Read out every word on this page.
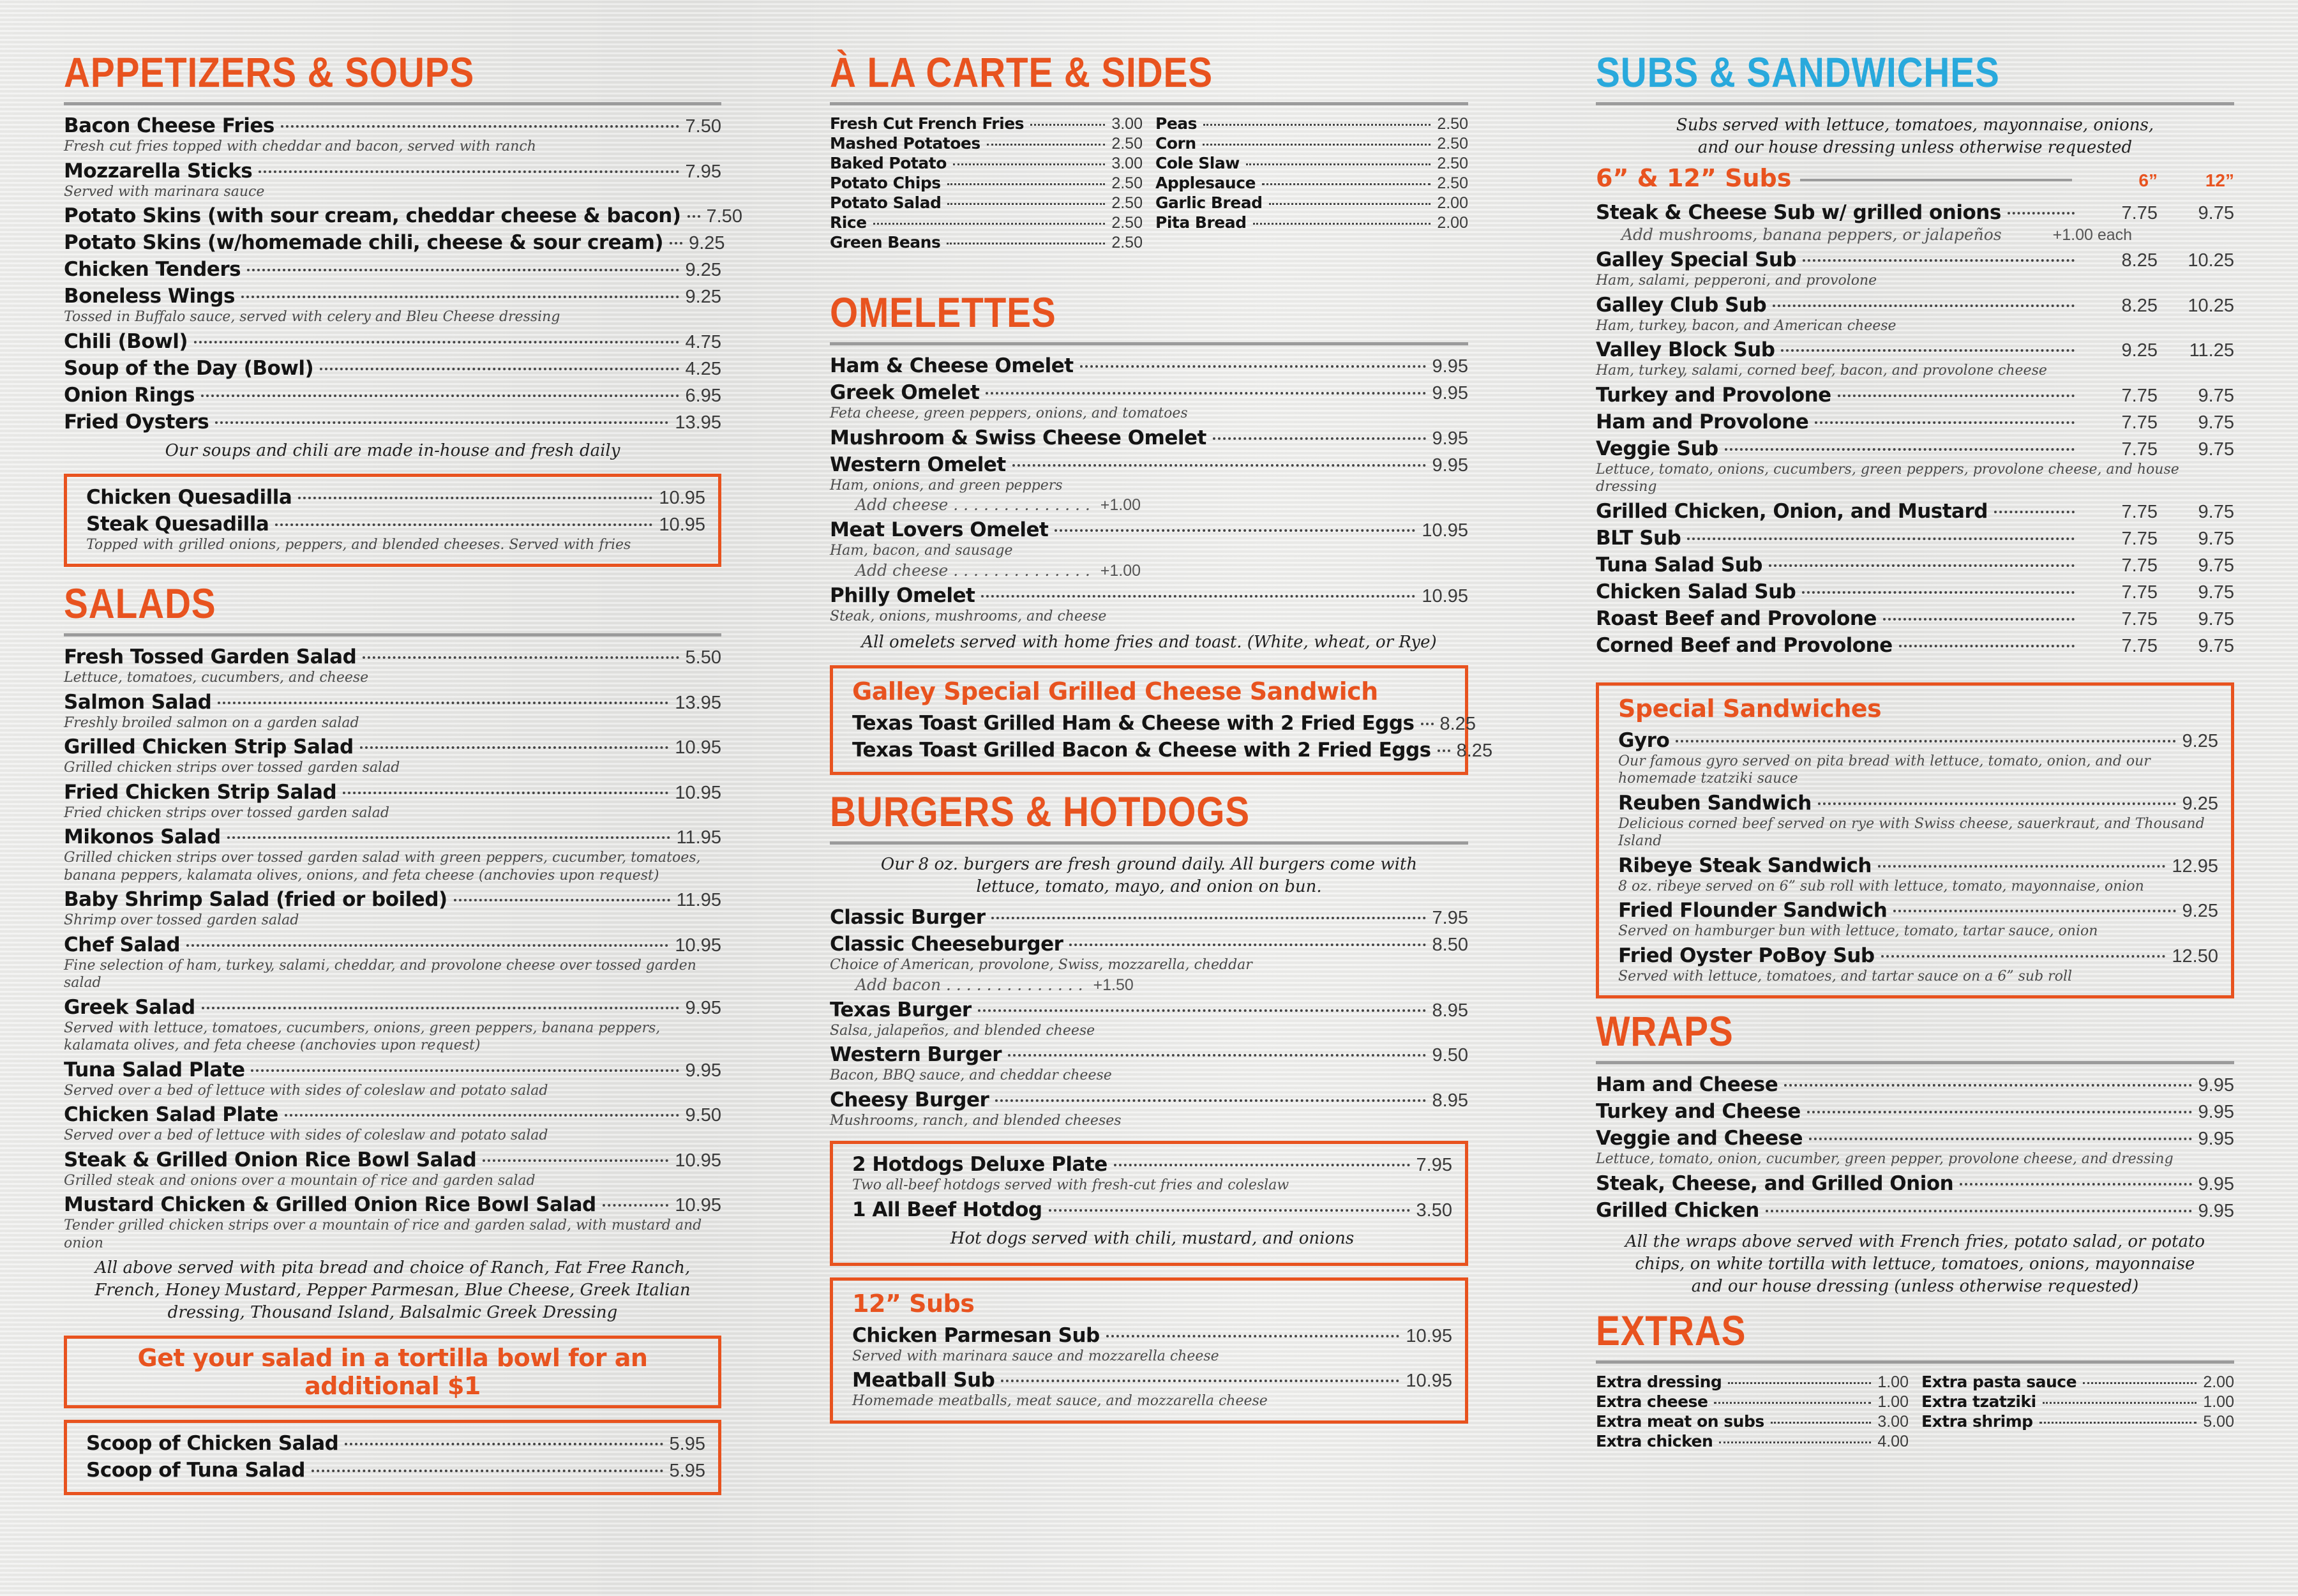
APPETIZERS & SOUPS
Bacon Cheese Fries	7.50
Fresh cut fries topped with cheddar and bacon, served with ranch
Mozzarella Sticks	7.95
Served with marinara sauce
Potato Skins (with sour cream, cheddar cheese & bacon) 7.50
Potato Skins (w/homemade chili, cheese & sour cream) 9.25
Chicken Tenders	9.25
Boneless Wings	9.25
Tossed in Buffalo sauce, served with celery and Bleu Cheese dressing
Chili (Bowl)	4.75
Soup of the Day (Bowl)	4.25
Onion Rings	6.95
Fried Oysters	13.95

Our soups and chili are made in-house and fresh daily

Chicken Quesadilla	10.95
Steak Quesadilla	10.95
Topped with grilled onions, peppers, and blended cheeses. Served with fries
SALADS
Fresh Tossed Garden Salad	5.50
Lettuce, tomatoes, cucumbers, and cheese
Salmon Salad	13.95
Freshly broiled salmon on a garden salad
Grilled Chicken Strip Salad	10.95
Grilled chicken strips over tossed garden salad
Fried Chicken Strip Salad	10.95
Fried chicken strips over tossed garden salad
Mikonos Salad	11.95
Grilled chicken strips over tossed garden salad with green peppers, cucumber, tomatoes, banana peppers, kalamata olives, onions, and feta cheese (anchovies upon request)
Baby Shrimp Salad (fried or boiled)	11.95
Shrimp over tossed garden salad
Chef Salad	10.95
Fine selection of ham, turkey, salami, cheddar, and provolone cheese over tossed garden salad
Greek Salad	9.95
Served with lettuce, tomatoes, cucumbers, onions, green peppers, banana peppers, kalamata olives, and feta cheese (anchovies upon request)
Tuna Salad Plate	9.95
Served over a bed of lettuce with sides of coleslaw and potato salad
Chicken Salad Plate	9.50
Served over a bed of lettuce with sides of coleslaw and potato salad
Steak & Grilled Onion Rice Bowl Salad	10.95
Grilled steak and onions over a mountain of rice and garden salad
Mustard Chicken & Grilled Onion Rice Bowl Salad	10.95
Tender grilled chicken strips over a mountain of rice and garden salad, with mustard and onion

All above served with pita bread and choice of Ranch, Fat Free Ranch, French, Honey Mustard, Pepper Parmesan, Blue Cheese, Greek Italian dressing, Thousand Island, Balsalmic Greek Dressing

Get your salad in a tortilla bowl for an additional $1
Scoop of Chicken Salad	5.95
Scoop of Tuna Salad	5.95
À LA CARTE & SIDES
Fresh Cut French Fries	3.00
Mashed Potatoes	2.50
Baked Potato	3.00
Potato Chips	2.50
Potato Salad	2.50
Rice	2.50
Green Beans	2.50
Peas	2.50
Corn	2.50
Cole Slaw	2.50
Applesauce	2.50
Garlic Bread	2.00
Pita Bread	2.00
OMELETTES
Ham & Cheese Omelet	9.95
Greek Omelet	9.95
Feta cheese, green peppers, onions, and tomatoes
Mushroom & Swiss Cheese Omelet	9.95
Western Omelet	9.95
Ham, onions, and green peppers
Add cheese . . . . . . . . . . . . . . +1.00
Meat Lovers Omelet	10.95
Ham, bacon, and sausage
Add cheese . . . . . . . . . . . . . . +1.00
Philly Omelet	10.95
Steak, onions, mushrooms, and cheese

All omelets served with home fries and toast. (White, wheat, or Rye)

Galley Special Grilled Cheese Sandwich
Texas Toast Grilled Ham & Cheese with 2 Fried Eggs 8.25
Texas Toast Grilled Bacon & Cheese with 2 Fried Eggs 8.25
BURGERS & HOTDOGS

Our 8 oz. burgers are fresh ground daily. All burgers come with lettuce, tomato, mayo, and onion on bun.

Classic Burger	7.95
Classic Cheeseburger	8.50
Choice of American, provolone, Swiss, mozzarella, cheddar
Add bacon . . . . . . . . . . . . . . +1.50
Texas Burger	8.95
Salsa, jalapeños, and blended cheese
Western Burger	9.50
Bacon, BBQ sauce, and cheddar cheese
Cheesy Burger	8.95
Mushrooms, ranch, and blended cheeses
2 Hotdogs Deluxe Plate	7.95
Two all-beef hotdogs served with fresh-cut fries and coleslaw
1 All Beef Hotdog	3.50

Hot dogs served with chili, mustard, and onions

12” Subs
Chicken Parmesan Sub	10.95
Served with marinara sauce and mozzarella cheese
Meatball Sub	10.95
Homemade meatballs, meat sauce, and mozzarella cheese
SUBS & SANDWICHES

Subs served with lettuce, tomatoes, mayonnaise, onions, and our house dressing unless otherwise requested

6” & 12” Subs	6”	12”
Steak & Cheese Sub w/ grilled onions	7.75	9.75
Add mushrooms, banana peppers, or jalapeños	+1.00 each
Galley Special Sub	8.25	10.25
Ham, salami, pepperoni, and provolone
Galley Club Sub	8.25	10.25
Ham, turkey, bacon, and American cheese
Valley Block Sub	9.25	11.25
Ham, turkey, salami, corned beef, bacon, and provolone cheese
Turkey and Provolone	7.75	9.75
Ham and Provolone	7.75	9.75
Veggie Sub	7.75	9.75
Lettuce, tomato, onions, cucumbers, green peppers, provolone cheese, and house dressing
Grilled Chicken, Onion, and Mustard	7.75	9.75
BLT Sub	7.75	9.75
Tuna Salad Sub	7.75	9.75
Chicken Salad Sub	7.75	9.75
Roast Beef and Provolone	7.75	9.75
Corned Beef and Provolone	7.75	9.75
Special Sandwiches
Gyro	9.25
Our famous gyro served on pita bread with lettuce, tomato, onion, and our homemade tzatziki sauce
Reuben Sandwich	9.25
Delicious corned beef served on rye with Swiss cheese, sauerkraut, and Thousand Island
Ribeye Steak Sandwich	12.95
8 oz. ribeye served on 6” sub roll with lettuce, tomato, mayonnaise, onion
Fried Flounder Sandwich	9.25
Served on hamburger bun with lettuce, tomato, tartar sauce, onion
Fried Oyster PoBoy Sub	12.50
Served with lettuce, tomatoes, and tartar sauce on a 6” sub roll
WRAPS
Ham and Cheese	9.95
Turkey and Cheese	9.95
Veggie and Cheese	9.95
Lettuce, tomato, onion, cucumber, green pepper, provolone cheese, and dressing
Steak, Cheese, and Grilled Onion	9.95
Grilled Chicken	9.95

All the wraps above served with French fries, potato salad, or potato chips, on white tortilla with lettuce, tomatoes, onions, mayonnaise and our house dressing (unless otherwise requested)

EXTRAS
Extra dressing	1.00
Extra cheese	1.00
Extra meat on subs	3.00
Extra chicken	4.00
Extra pasta sauce	2.00
Extra tzatziki	1.00
Extra shrimp	5.00
